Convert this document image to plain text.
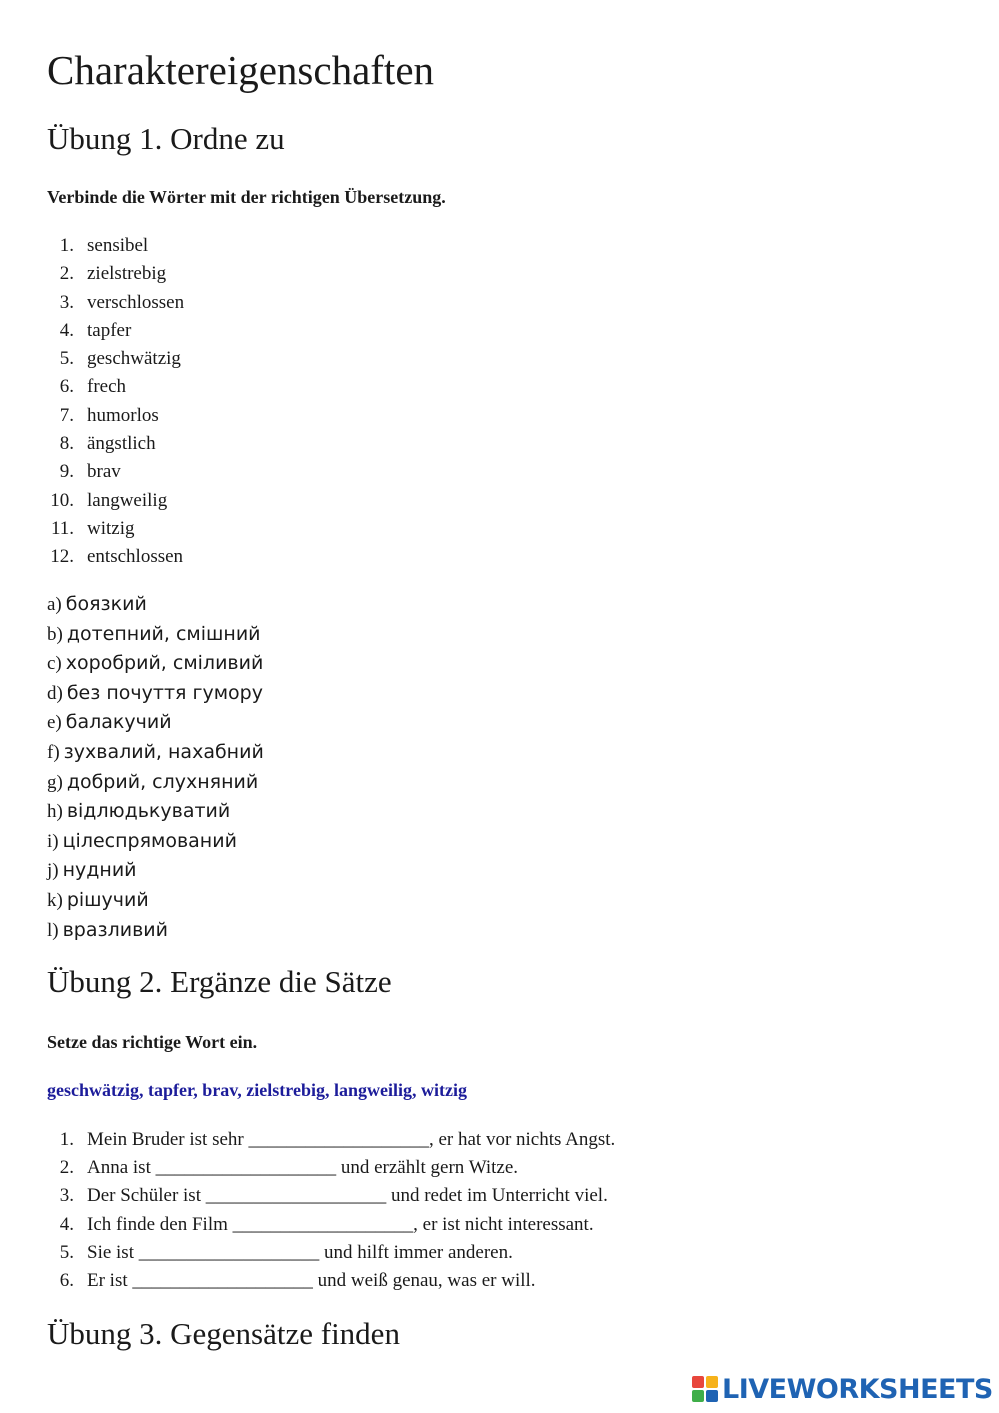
Charaktereigenschaften
Übung 1. Ordne zu
Verbinde die Wörter mit der richtigen Übersetzung.
1. sensibel
2. zielstrebig
3. verschlossen
4. tapfer
5. geschwätzig
6. frech
7. humorlos
8. ängstlich
9. brav
10. langweilig
11. witzig
12. entschlossen
a) боязкий
b) дотепний, смішний
c) хоробрий, сміливий
d) без почуття гумору
e) балакучий
f) зухвалий, нахабний
g) добрий, слухняний
h) відлюдькуватий
i) цілеспрямований
j) нудний
k) рішучий
l) вразливий
Übung 2. Ergänze die Sätze
Setze das richtige Wort ein.
geschwätzig, tapfer, brav, zielstrebig, langweilig, witzig
1. Mein Bruder ist sehr ___________________, er hat vor nichts Angst.
2. Anna ist ___________________ und erzählt gern Witze.
3. Der Schüler ist ___________________ und redet im Unterricht viel.
4. Ich finde den Film ___________________, er ist nicht interessant.
5. Sie ist ___________________ und hilft immer anderen.
6. Er ist ___________________ und weiß genau, was er will.
Übung 3. Gegensätze finden
LIVEWORKSHEETS
